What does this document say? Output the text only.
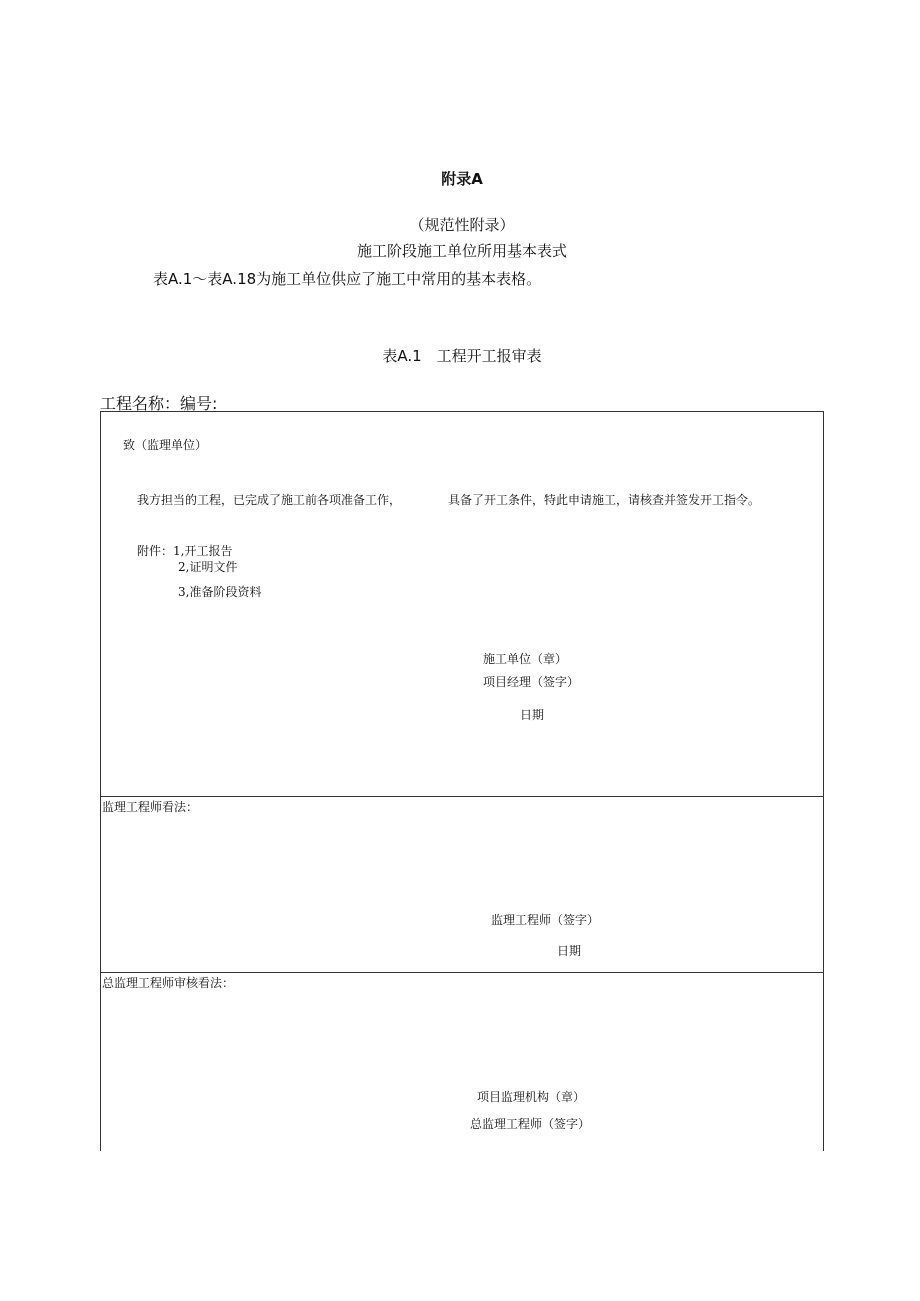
附录A
（规范性附录）
施工阶段施工单位所用基本表式
表A.1〜表A.18为施工单位供应了施工中常用的基本表格。
表A.1　工程开工报审表
工程名称：编号:
致（监理单位）
我方担当的工程，已完成了施工前各项准备工作，	具备了开工条件，特此申请施工，请核查并签发开工指令。
附件：1,开工报告
2,证明文件
3,准备阶段资料
施工单位（章）
项目经理（签字）
日期
监理工程师看法：
监理工程师（签字）
日期
总监理工程师审核看法：
项目监理机构（章）
总监理工程师（签字）
